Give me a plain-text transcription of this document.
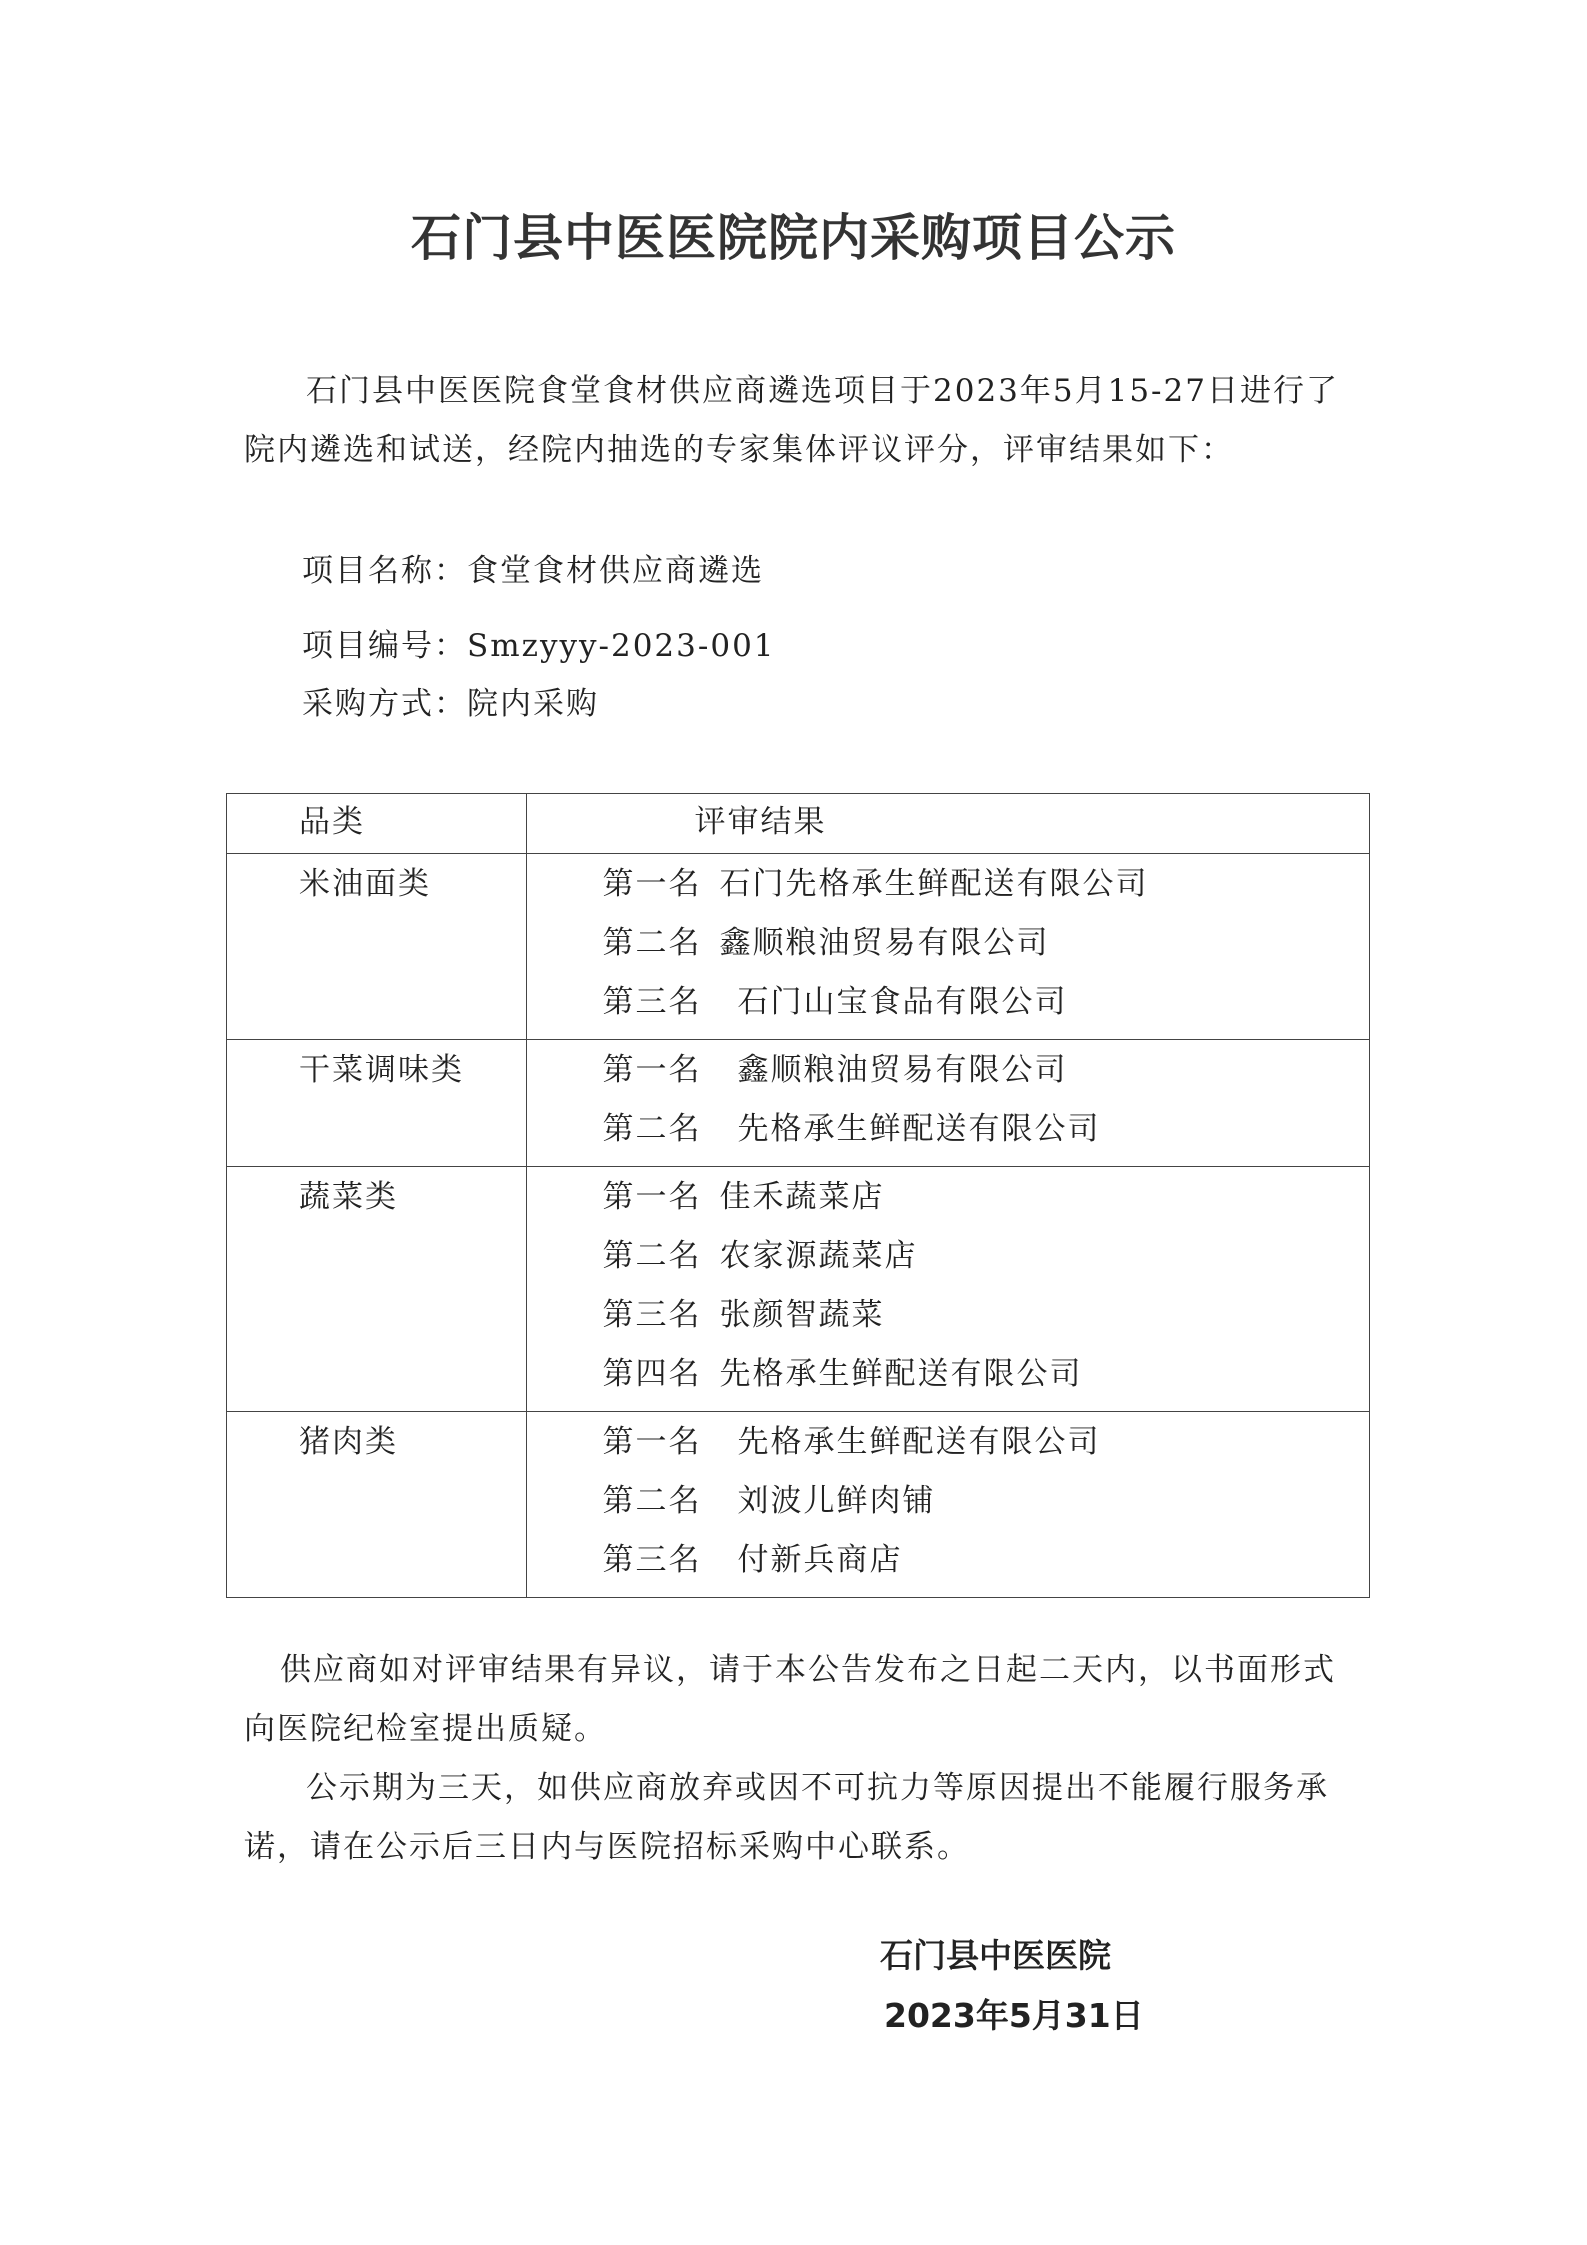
石门县中医医院院内采购项目公示

石门县中医医院食堂食材供应商遴选项目于2023年5月15-27日进行了院内遴选和试送，经院内抽选的专家集体评议评分，评审结果如下：

项目名称：食堂食材供应商遴选

项目编号：Smzyyy-2023-001

采购方式：院内采购

品类	评审结果
米油面类	第一名 石门先格承生鲜配送有限公司
第二名 鑫顺粮油贸易有限公司
第三名 石门山宝食品有限公司

干菜调味类	第一名 鑫顺粮油贸易有限公司
第二名 先格承生鲜配送有限公司

蔬菜类	第一名 佳禾蔬菜店
第二名 农家源蔬菜店
第三名 张颜智蔬菜
第四名 先格承生鲜配送有限公司

猪肉类	第一名 先格承生鲜配送有限公司
第二名 刘波儿鲜肉铺
第三名 付新兵商店

供应商如对评审结果有异议，请于本公告发布之日起二天内，以书面形式向医院纪检室提出质疑。

公示期为三天，如供应商放弃或因不可抗力等原因提出不能履行服务承诺，请在公示后三日内与医院招标采购中心联系。

石门县中医医院

2023年5月31日
